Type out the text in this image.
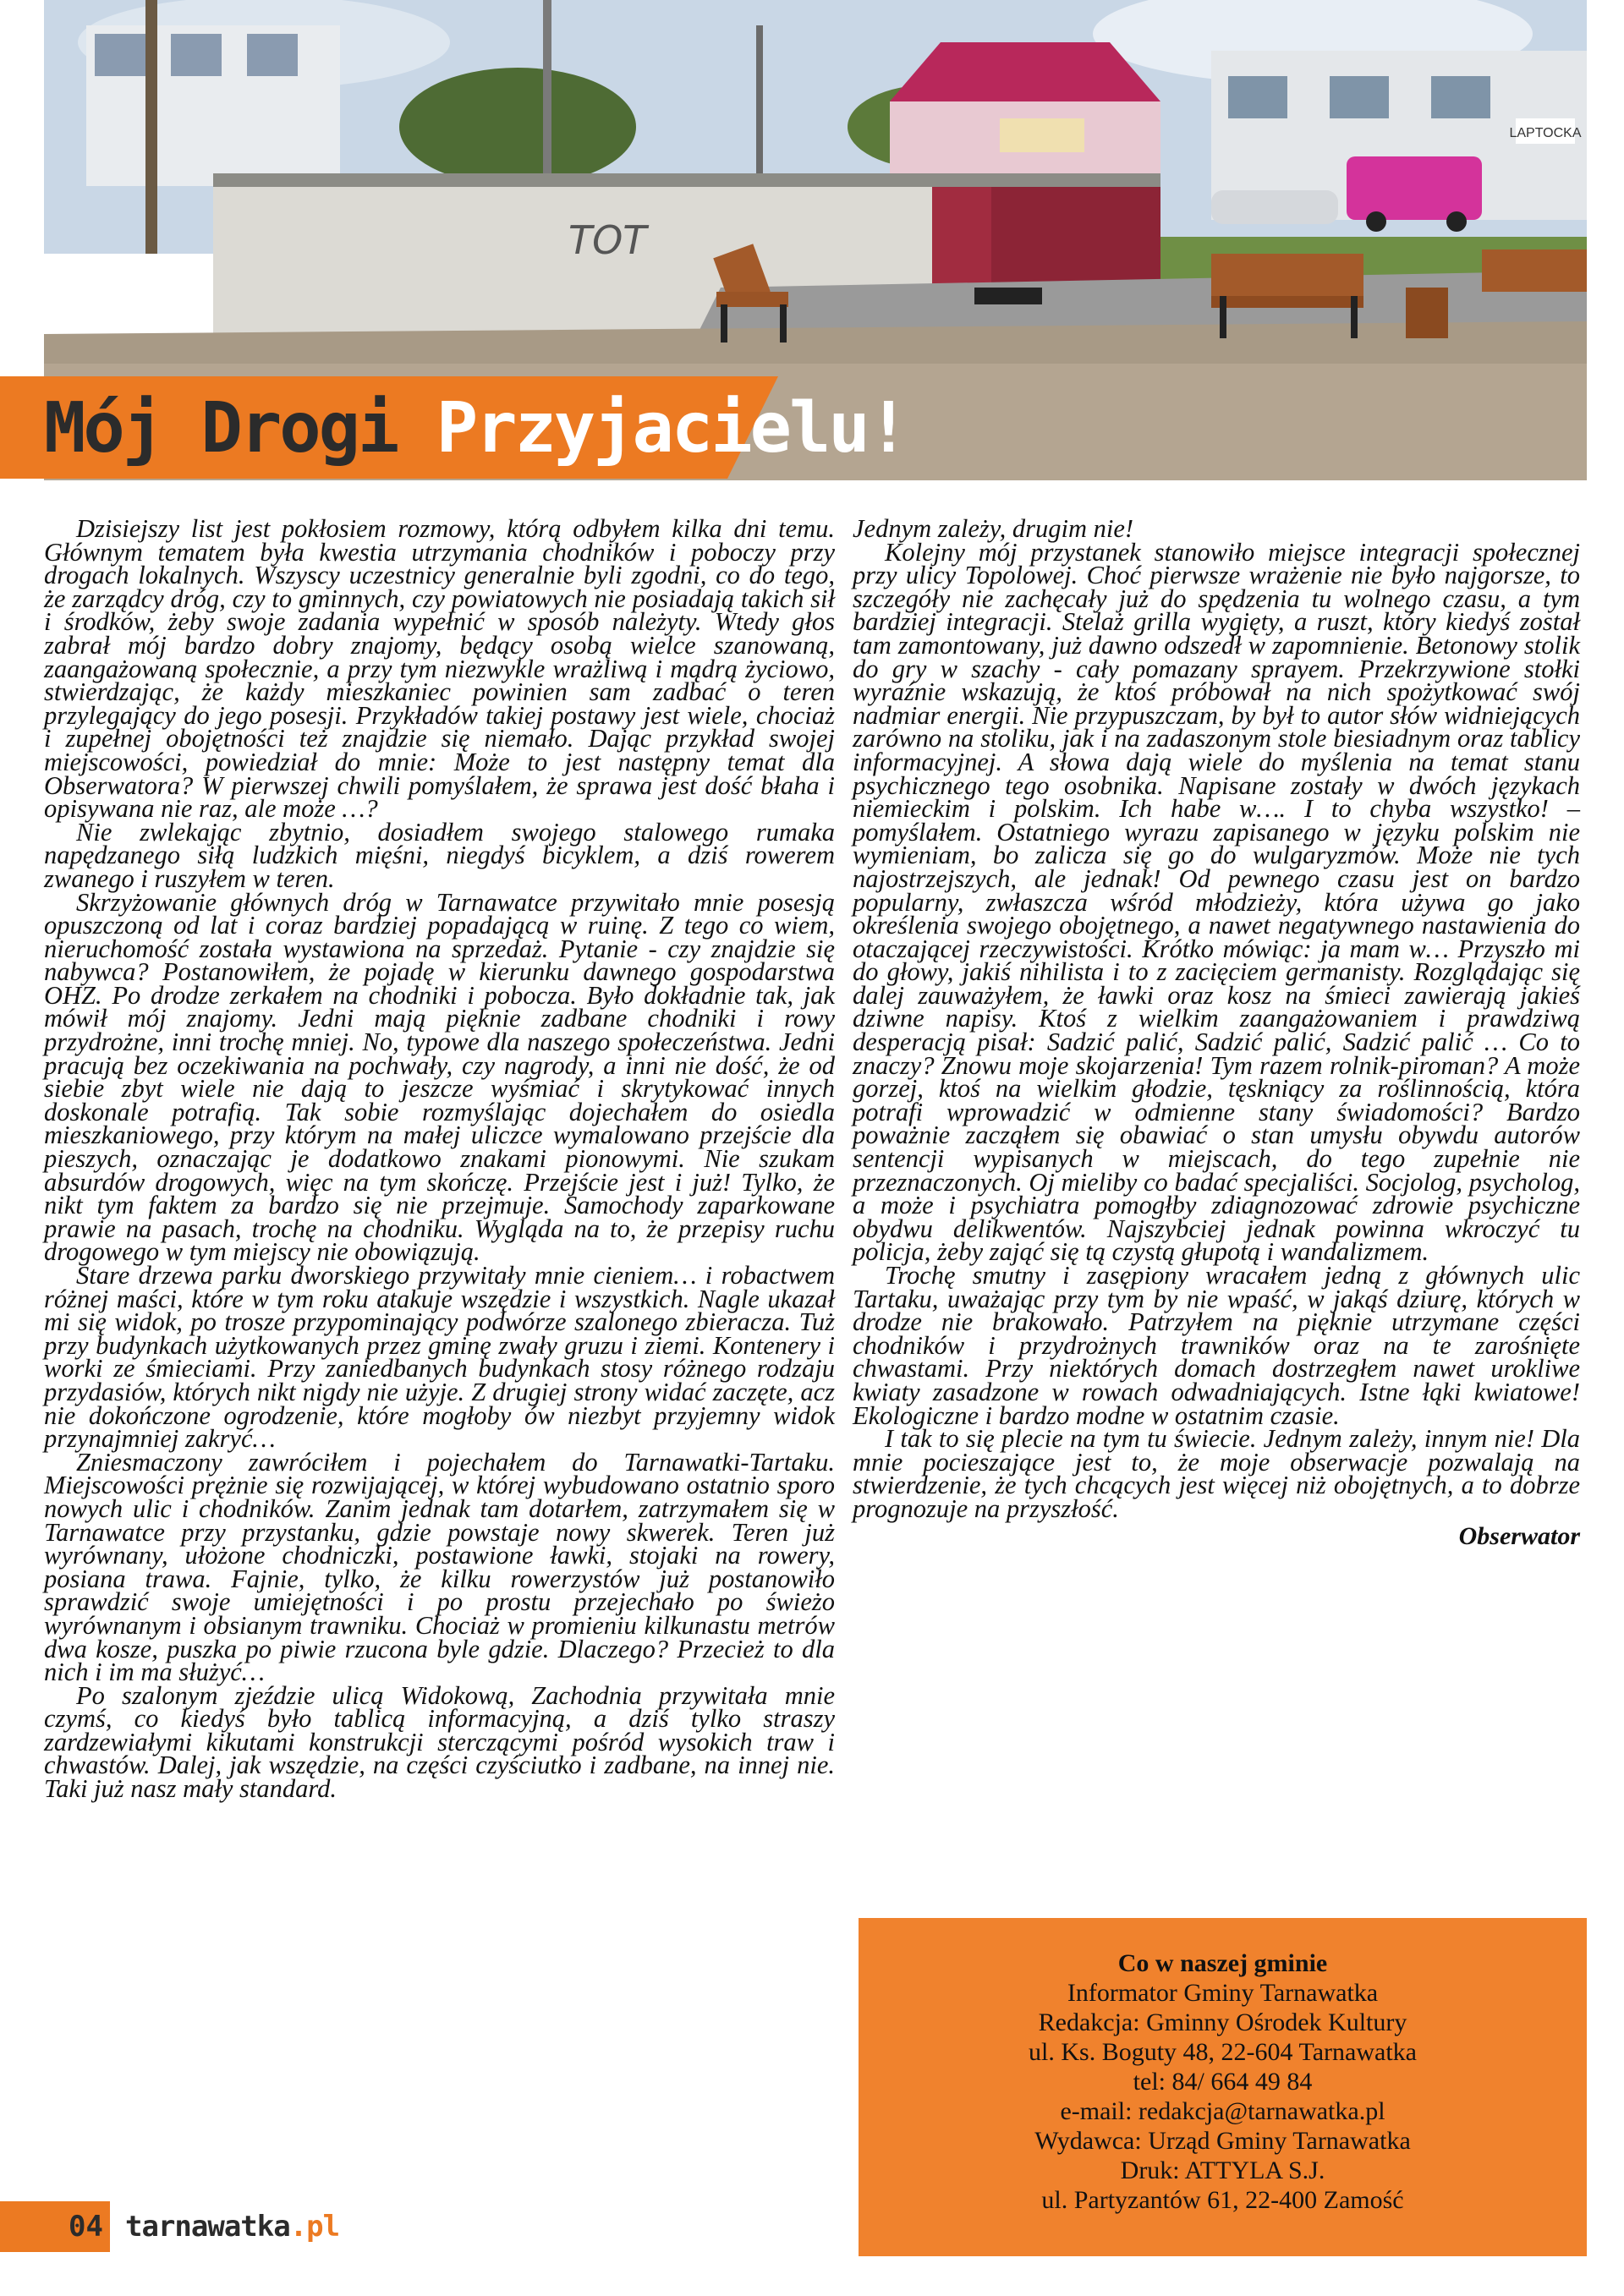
LAPTOCKA
TOT
Mój Drogi Przyjacielu!

Dzisiejszy list jest pokłosiem rozmowy, którą odbyłem kilka dni temu. Głównym tematem była kwestia utrzymania chodników i poboczy przy drogach lokalnych. Wszyscy uczestnicy generalnie byli zgodni, co do tego, że zarządcy dróg, czy to gminnych, czy powiatowych nie posiadają takich sił i środków, żeby swoje zadania wypełnić w sposób należyty. Wtedy głos zabrał mój bardzo dobry znajomy, będący osobą wielce szanowaną, zaangażowaną społecznie, a przy tym niezwykle wrażliwą i mądrą życiowo, stwierdzając, że każdy mieszkaniec powinien sam zadbać o teren przylegający do jego posesji. Przykładów takiej postawy jest wiele, chociaż i zupełnej obojętności też znajdzie się niemało. Dając przykład swojej miejscowości, powiedział do mnie: Może to jest następny temat dla Obserwatora? W pierwszej chwili pomyślałem, że sprawa jest dość błaha i opisywana nie raz, ale może …?

Nie zwlekając zbytnio, dosiadłem swojego stalowego rumaka napędzanego siłą ludzkich mięśni, niegdyś bicyklem, a dziś rowerem zwanego i ruszyłem w teren.

Skrzyżowanie głównych dróg w Tarnawatce przywitało mnie posesją opuszczoną od lat i coraz bardziej popadającą w ruinę. Z tego co wiem, nieruchomość została wystawiona na sprzedaż. Pytanie - czy znajdzie się nabywca? Postanowiłem, że pojadę w kierunku dawnego gospodarstwa OHZ. Po drodze zerkałem na chodniki i pobocza. Było dokładnie tak, jak mówił mój znajomy. Jedni mają pięknie zadbane chodniki i rowy przydrożne, inni trochę mniej. No, typowe dla naszego społeczeństwa. Jedni pracują bez oczekiwania na pochwały, czy nagrody, a inni nie dość, że od siebie zbyt wiele nie dają to jeszcze wyśmiać i skrytykować innych doskonale potrafią. Tak sobie rozmyślając dojechałem do osiedla mieszkaniowego, przy którym na małej uliczce wymalowano przejście dla pieszych, oznaczając je dodatkowo znakami pionowymi. Nie szukam absurdów drogowych, więc na tym skończę. Przejście jest i już! Tylko, że nikt tym faktem za bardzo się nie przejmuje. Samochody zaparkowane prawie na pasach, trochę na chodniku. Wygląda na to, że przepisy ruchu drogowego w tym miejscy nie obowiązują.

Stare drzewa parku dworskiego przywitały mnie cieniem… i robactwem różnej maści, które w tym roku atakuje wszędzie i wszystkich. Nagle ukazał mi się widok, po trosze przypominający podwórze szalonego zbieracza. Tuż przy budynkach użytkowanych przez gminę zwały gruzu i ziemi. Kontenery i worki ze śmieciami. Przy zaniedbanych budynkach stosy różnego rodzaju przydasiów, których nikt nigdy nie użyje. Z drugiej strony widać zaczęte, acz nie dokończone ogrodzenie, które mogłoby ów niezbyt przyjemny widok przynajmniej zakryć…

Zniesmaczony zawróciłem i pojechałem do Tarnawatki-Tartaku. Miejscowości prężnie się rozwijającej, w której wybudowano ostatnio sporo nowych ulic i chodników. Zanim jednak tam dotarłem, zatrzymałem się w Tarnawatce przy przystanku, gdzie powstaje nowy skwerek. Teren już wyrównany, ułożone chodniczki, postawione ławki, stojaki na rowery, posiana trawa. Fajnie, tylko, że kilku rowerzystów już postanowiło sprawdzić swoje umiejętności i po prostu przejechało po świeżo wyrównanym i obsianym trawniku. Chociaż w promieniu kilkunastu metrów dwa kosze, puszka po piwie rzucona byle gdzie. Dlaczego? Przecież to dla nich i im ma służyć…

Po szalonym zjeździe ulicą Widokową, Zachodnia przywitała mnie czymś, co kiedyś było tablicą informacyjną, a dziś tylko straszy zardzewiałymi kikutami konstrukcji sterczącymi pośród wysokich traw i chwastów. Dalej, jak wszędzie, na części czyściutko i zadbane, na innej nie. Taki już nasz mały standard.

Jednym zależy, drugim nie!

Kolejny mój przystanek stanowiło miejsce integracji społecznej przy ulicy Topolowej. Choć pierwsze wrażenie nie było najgorsze, to szczegóły nie zachęcały już do spędzenia tu wolnego czasu, a tym bardziej integracji. Stelaż grilla wygięty, a ruszt, który kiedyś został tam zamontowany, już dawno odszedł w zapomnienie. Betonowy stolik do gry w szachy - cały pomazany sprayem. Przekrzywione stołki wyraźnie wskazują, że ktoś próbował na nich spożytkować swój nadmiar energii. Nie przypuszczam, by był to autor słów widniejących zarówno na stoliku, jak i na zadaszonym stole biesiadnym oraz tablicy informacyjnej. A słowa dają wiele do myślenia na temat stanu psychicznego tego osobnika. Napisane zostały w dwóch językach niemieckim i polskim. Ich habe w…. I to chyba wszystko! – pomyślałem. Ostatniego wyrazu zapisanego w języku polskim nie wymieniam, bo zalicza się go do wulgaryzmów. Może nie tych najostrzejszych, ale jednak! Od pewnego czasu jest on bardzo popularny, zwłaszcza wśród młodzieży, która używa go jako określenia swojego obojętnego, a nawet negatywnego nastawienia do otaczającej rzeczywistości. Krótko mówiąc: ja mam w… Przyszło mi do głowy, jakiś nihilista i to z zacięciem germanisty. Rozglądając się dalej zauważyłem, że ławki oraz kosz na śmieci zawierają jakieś dziwne napisy. Ktoś z wielkim zaangażowaniem i prawdziwą desperacją pisał: Sadzić palić, Sadzić palić, Sadzić palić … Co to znaczy? Znowu moje skojarzenia! Tym razem rolnik-piroman? A może gorzej, ktoś na wielkim głodzie, tęskniący za roślinnością, która potrafi wprowadzić w odmienne stany świadomości? Bardzo poważnie zacząłem się obawiać o stan umysłu obywdu autorów sentencji wypisanych w miejscach, do tego zupełnie nie przeznaczonych. Oj mieliby co badać specjaliści. Socjolog, psycholog, a może i psychiatra pomogłby zdiagnozować zdrowie psychiczne obydwu delikwentów. Najszybciej jednak powinna wkroczyć tu policja, żeby zająć się tą czystą głupotą i wandalizmem.

Trochę smutny i zasępiony wracałem jedną z głównych ulic Tartaku, uważając przy tym by nie wpaść, w jakąś dziurę, których w drodze nie brakowało. Patrzyłem na pięknie utrzymane części chodników i przydrożnych trawników oraz na te zarośnięte chwastami. Przy niektórych domach dostrzegłem nawet urokliwe kwiaty zasadzone w rowach odwadniających. Istne łąki kwiatowe! Ekologiczne i bardzo modne w ostatnim czasie.

I tak to się plecie na tym tu świecie. Jednym zależy, innym nie! Dla mnie pocieszające jest to, że moje obserwacje pozwalają na stwierdzenie, że tych chcących jest więcej niż obojętnych, a to dobrze prognozuje na przyszłość.

Obserwator
Co w naszej gminie
Informator Gminy Tarnawatka
Redakcja: Gminny Ośrodek Kultury
ul. Ks. Boguty 48, 22-604 Tarnawatka
tel: 84/ 664 49 84
e-mail: redakcja@tarnawatka.pl
Wydawca: Urząd Gminy Tarnawatka
Druk: ATTYLA S.J.
ul. Partyzantów 61, 22-400 Zamość
04 tarnawatka.pl
